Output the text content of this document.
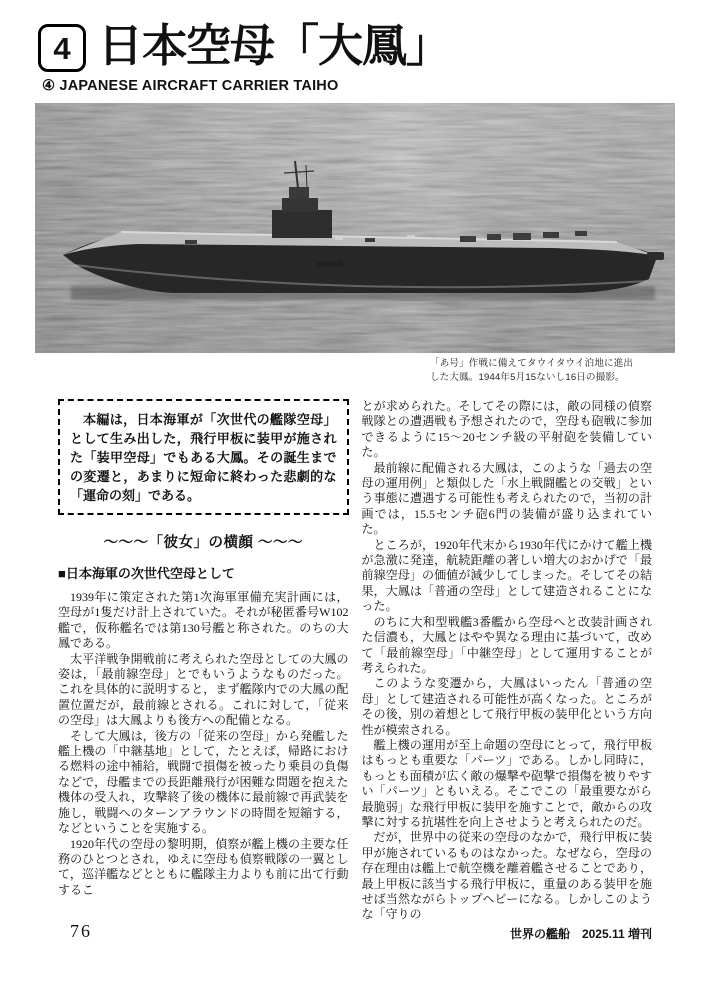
4 日本空母「大鳳」
④ JAPANESE AIRCRAFT CARRIER TAIHO
「あ号」作戦に備えてタウイタウイ泊地に進出
した大鳳。1944年5月15ないし16日の撮影。

本編は，日本海軍が「次世代の艦隊空母」として生み出した，飛行甲板に装甲が施された「装甲空母」でもある大鳳。その誕生までの変遷と，あまりに短命に終わった悲劇的な「運命の刻」である。

～～～「彼女」の横顔 ～～～
■日本海軍の次世代空母として

1939年に策定された第1次海軍軍備充実計画には，空母が1隻だけ計上されていた。それが秘匿番号W102艦で，仮称艦名では第130号艦と称された。のちの大鳳である。

太平洋戦争開戦前に考えられた空母としての大鳳の姿は，「最前線空母」とでもいうようなものだった。これを具体的に説明すると，まず艦隊内での大鳳の配置位置だが，最前線とされる。これに対して，「従来の空母」は大鳳よりも後方への配備となる。

そして大鳳は，後方の「従来の空母」から発艦した艦上機の「中継基地」として，たとえば，帰路における燃料の途中補給，戦闘で損傷を被ったり乗員の負傷などで，母艦までの長距離飛行が困難な問題を抱えた機体の受入れ，攻撃終了後の機体に最前線で再武装を施し，戦闘へのターンアラウンドの時間を短縮する，などということを実施する。

1920年代の空母の黎明期，偵察が艦上機の主要な任務のひとつとされ，ゆえに空母も偵察戦隊の一翼として，巡洋艦などとともに艦隊主力よりも前に出て行動するこ

とが求められた。そしてその際には，敵の同様の偵察戦隊との遭遇戦も予想されたので，空母も砲戦に参加できるように15～20センチ級の平射砲を装備していた。

最前線に配備される大鳳は，このような「過去の空母の運用例」と類似した「水上戦闘艦との交戦」という事態に遭遇する可能性も考えられたので，当初の計画では，15.5センチ砲6門の装備が盛り込まれていた。

ところが，1920年代末から1930年代にかけて艦上機が急激に発達，航続距離の著しい増大のおかげで「最前線空母」の価値が減少してしまった。そしてその結果，大鳳は「普通の空母」として建造されることになった。

のちに大和型戦艦3番艦から空母へと改装計画された信濃も，大鳳とはやや異なる理由に基づいて，改めて「最前線空母」「中継空母」として運用することが考えられた。

このような変遷から，大鳳はいったん「普通の空母」として建造される可能性が高くなった。ところがその後，別の着想として飛行甲板の装甲化という方向性が模索される。

艦上機の運用が至上命題の空母にとって，飛行甲板はもっとも重要な「パーツ」である。しかし同時に，もっとも面積が広く敵の爆撃や砲撃で損傷を被りやすい「パーツ」ともいえる。そこでこの「最重要ながら最脆弱」な飛行甲板に装甲を施すことで，敵からの攻撃に対する抗堪性を向上させようと考えられたのだ。

だが，世界中の従来の空母のなかで，飛行甲板に装甲が施されているものはなかった。なぜなら，空母の存在理由は艦上で航空機を離着艦させることであり，最上甲板に該当する飛行甲板に，重量のある装甲を施せば当然ながらトップヘビーになる。しかしこのような「守りの

76	世界の艦船　2025.11 増刊
